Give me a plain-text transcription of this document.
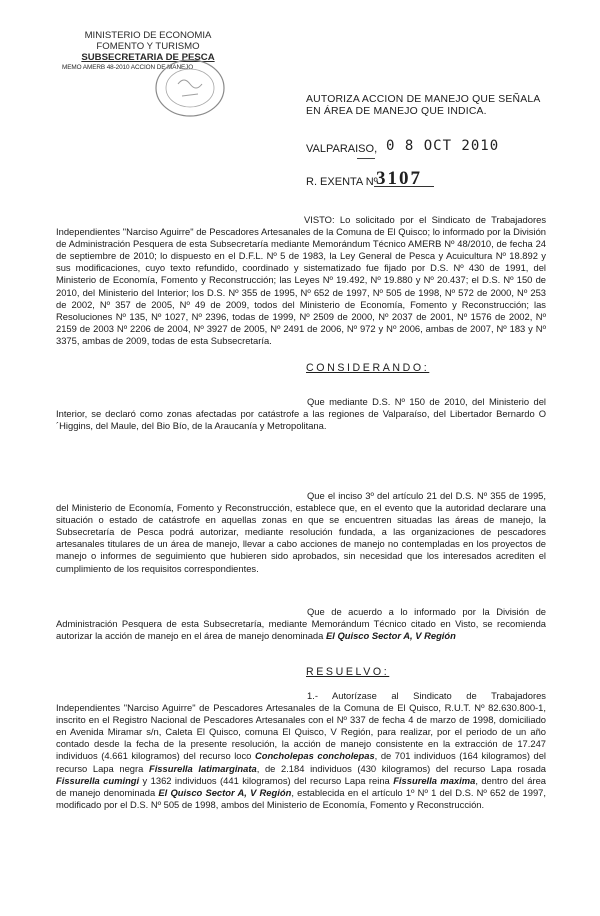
MINISTERIO DE ECONOMIA
FOMENTO Y TURISMO
SUBSECRETARIA DE PESCA
MEMO AMERB 48-2010 ACCION DE MANEJO
AUTORIZA ACCION DE MANEJO QUE SEÑALA
EN ÁREA DE MANEJO QUE INDICA.
VALPARAISO, 0 8 OCT 2010
R. EXENTA Nº
3107
VISTO: Lo solicitado por el Sindicato de Trabajadores Independientes "Narciso Aguirre" de Pescadores Artesanales de la Comuna de El Quisco; lo informado por la División de Administración Pesquera de esta Subsecretaría mediante Memorándum Técnico AMERB Nº 48/2010, de fecha 24 de septiembre de 2010; lo dispuesto en el D.F.L. Nº 5 de 1983, la Ley General de Pesca y Acuicultura Nº 18.892 y sus modificaciones, cuyo texto refundido, coordinado y sistematizado fue fijado por D.S. Nº 430 de 1991, del Ministerio de Economía, Fomento y Reconstrucción; las Leyes Nº 19.492, Nº 19.880 y Nº 20.437; el D.S. Nº 150 de 2010, del Ministerio del Interior; los D.S. Nº 355 de 1995, Nº 652 de 1997, Nº 505 de 1998, Nº 572 de 2000, Nº 253 de 2002, Nº 357 de 2005, Nº 49 de 2009, todos del Ministerio de Economía, Fomento y Reconstrucción; las Resoluciones Nº 135, Nº 1027, Nº 2396, todas de 1999, Nº 2509 de 2000, Nº 2037 de 2001, Nº 1576 de 2002, Nº 2159 de 2003 Nº 2206 de 2004, Nº 3927 de 2005, Nº 2491 de 2006, Nº 972 y Nº 2006, ambas de 2007, Nº 183 y Nº 3375, ambas de 2009, todas de esta Subsecretaría.
CONSIDERANDO:
Que mediante D.S. Nº 150 de 2010, del Ministerio del Interior, se declaró como zonas afectadas por catástrofe a las regiones de Valparaíso, del Libertador Bernardo O´Higgins, del Maule, del Bio Bío, de la Araucanía y Metropolitana.
Que el inciso 3º del artículo 21 del D.S. Nº 355 de 1995, del Ministerio de Economía, Fomento y Reconstrucción, establece que, en el evento que la autoridad declarare una situación o estado de catástrofe en aquellas zonas en que se encuentren situadas las áreas de manejo, la Subsecretaría de Pesca podrá autorizar, mediante resolución fundada, a las organizaciones de pescadores artesanales titulares de un área de manejo, llevar a cabo acciones de manejo no contempladas en los proyectos de manejo o informes de seguimiento que hubieren sido aprobados, sin necesidad que los interesados acrediten el cumplimiento de los requisitos correspondientes.
Que de acuerdo a lo informado por la División de Administración Pesquera de esta Subsecretaría, mediante Memorándum Técnico citado en Visto, se recomienda autorizar la acción de manejo en el área de manejo denominada El Quisco Sector A, V Región
RESUELVO:
1.- Autorízase al Sindicato de Trabajadores Independientes "Narciso Aguirre" de Pescadores Artesanales de la Comuna de El Quisco, R.U.T. Nº 82.630.800-1, inscrito en el Registro Nacional de Pescadores Artesanales con el Nº 337 de fecha 4 de marzo de 1998, domiciliado en Avenida Miramar s/n, Caleta El Quisco, comuna El Quisco, V Región, para realizar, por el periodo de un año contado desde la fecha de la presente resolución, la acción de manejo consistente en la extracción de 17.247 individuos (4.661 kilogramos) del recurso loco Concholepas concholepas, de 701 individuos (164 kilogramos) del recurso Lapa negra Fissurella latimarginata, de 2.184 individuos (430 kilogramos) del recurso Lapa rosada Fissurella cumingi y 1362 individuos (441 kilogramos) del recurso Lapa reina Fissurella maxima, dentro del área de manejo denominada El Quisco Sector A, V Región, establecida en el artículo 1º Nº 1 del D.S. Nº 652 de 1997, modificado por el D.S. Nº 505 de 1998, ambos del Ministerio de Economía, Fomento y Reconstrucción.
